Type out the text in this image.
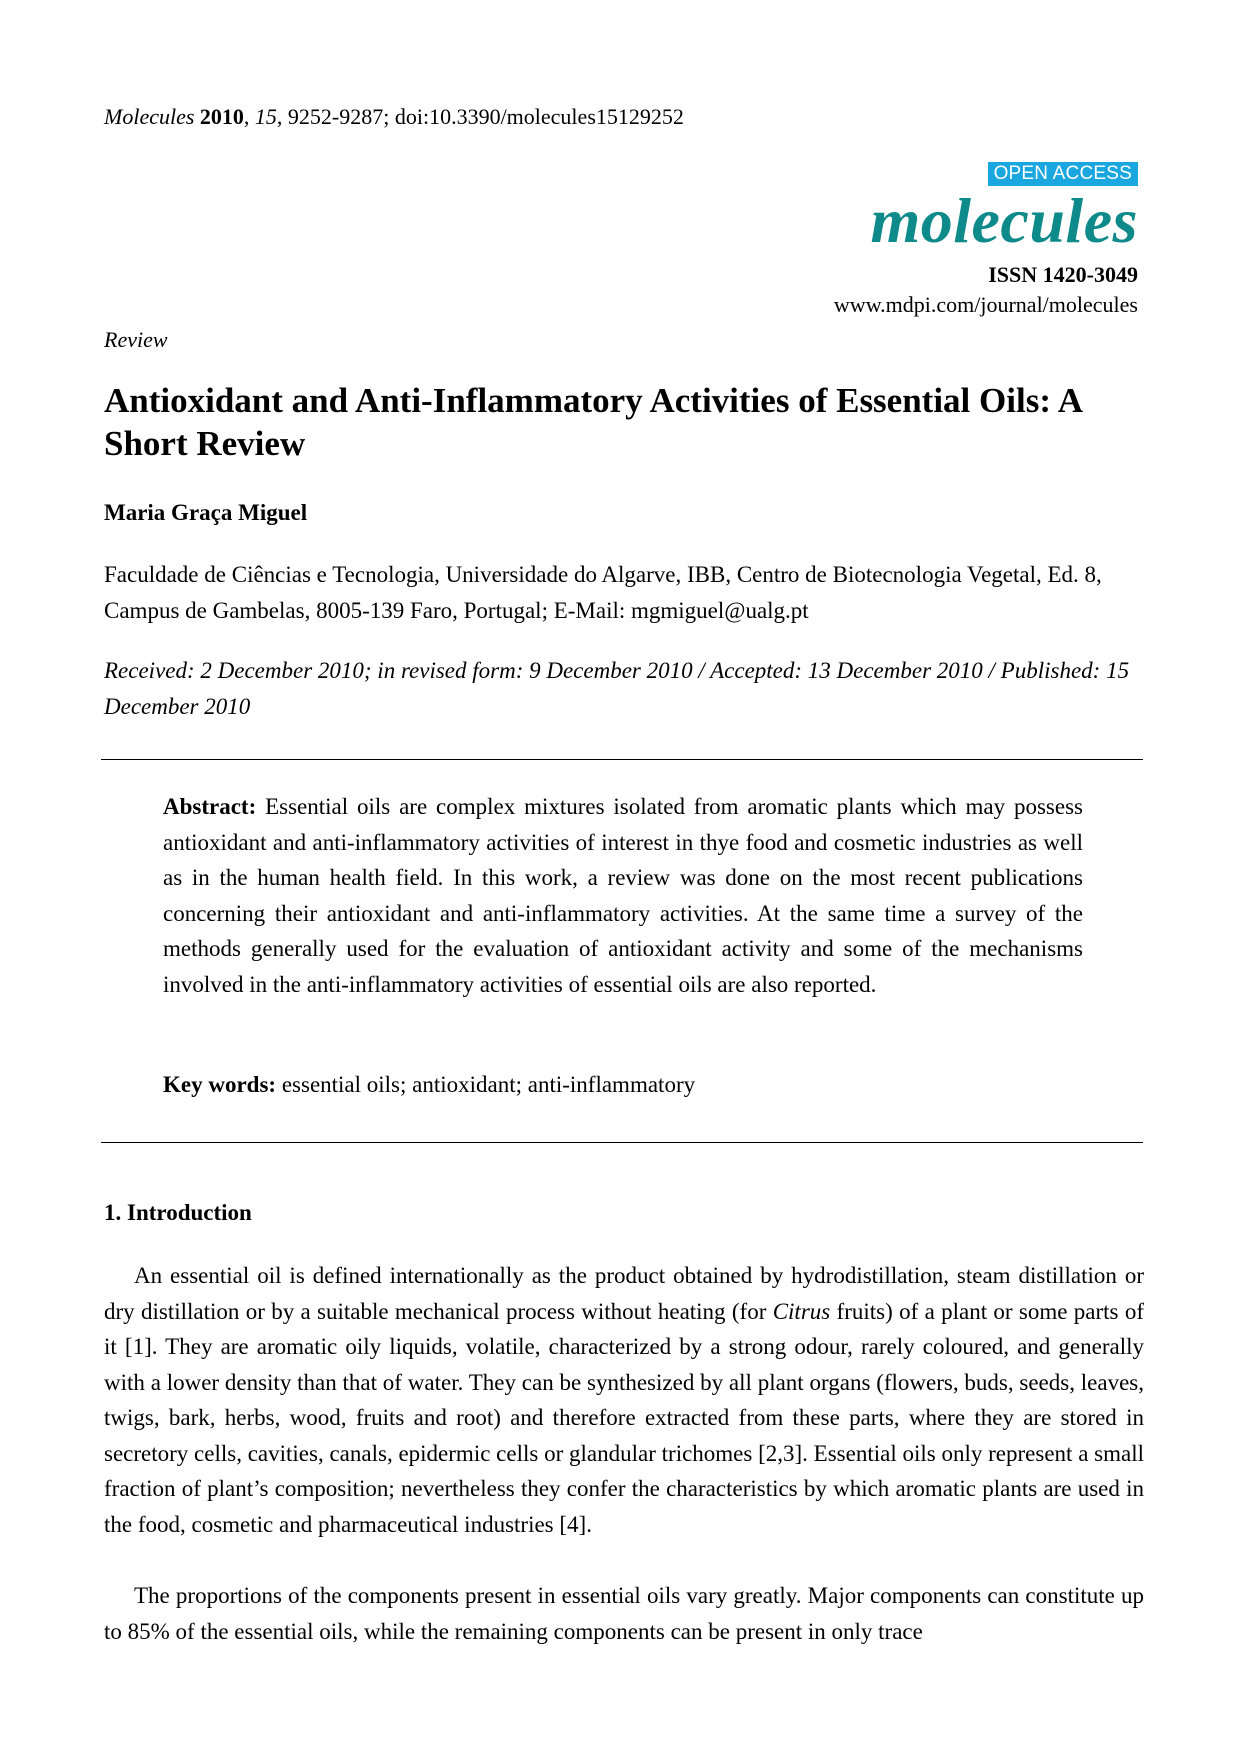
Molecules 2010, 15, 9252-9287; doi:10.3390/molecules15129252
OPEN ACCESS
molecules
ISSN 1420-3049
www.mdpi.com/journal/molecules
Review
Antioxidant and Anti-Inflammatory Activities of Essential Oils: A Short Review
Maria Graça Miguel
Faculdade de Ciências e Tecnologia, Universidade do Algarve, IBB, Centro de Biotecnologia Vegetal, Ed. 8, Campus de Gambelas, 8005-139 Faro, Portugal; E-Mail: mgmiguel@ualg.pt
Received: 2 December 2010; in revised form: 9 December 2010 / Accepted: 13 December 2010 / Published: 15 December 2010
Abstract: Essential oils are complex mixtures isolated from aromatic plants which may possess antioxidant and anti-inflammatory activities of interest in thye food and cosmetic industries as well as in the human health field. In this work, a review was done on the most recent publications concerning their antioxidant and anti-inflammatory activities. At the same time a survey of the methods generally used for the evaluation of antioxidant activity and some of the mechanisms involved in the anti-inflammatory activities of essential oils are also reported.
Key words: essential oils; antioxidant; anti-inflammatory
1. Introduction
An essential oil is defined internationally as the product obtained by hydrodistillation, steam distillation or dry distillation or by a suitable mechanical process without heating (for Citrus fruits) of a plant or some parts of it [1]. They are aromatic oily liquids, volatile, characterized by a strong odour, rarely coloured, and generally with a lower density than that of water. They can be synthesized by all plant organs (flowers, buds, seeds, leaves, twigs, bark, herbs, wood, fruits and root) and therefore extracted from these parts, where they are stored in secretory cells, cavities, canals, epidermic cells or glandular trichomes [2,3]. Essential oils only represent a small fraction of plant’s composition; nevertheless they confer the characteristics by which aromatic plants are used in the food, cosmetic and pharmaceutical industries [4].
The proportions of the components present in essential oils vary greatly. Major components can constitute up to 85% of the essential oils, while the remaining components can be present in only trace
